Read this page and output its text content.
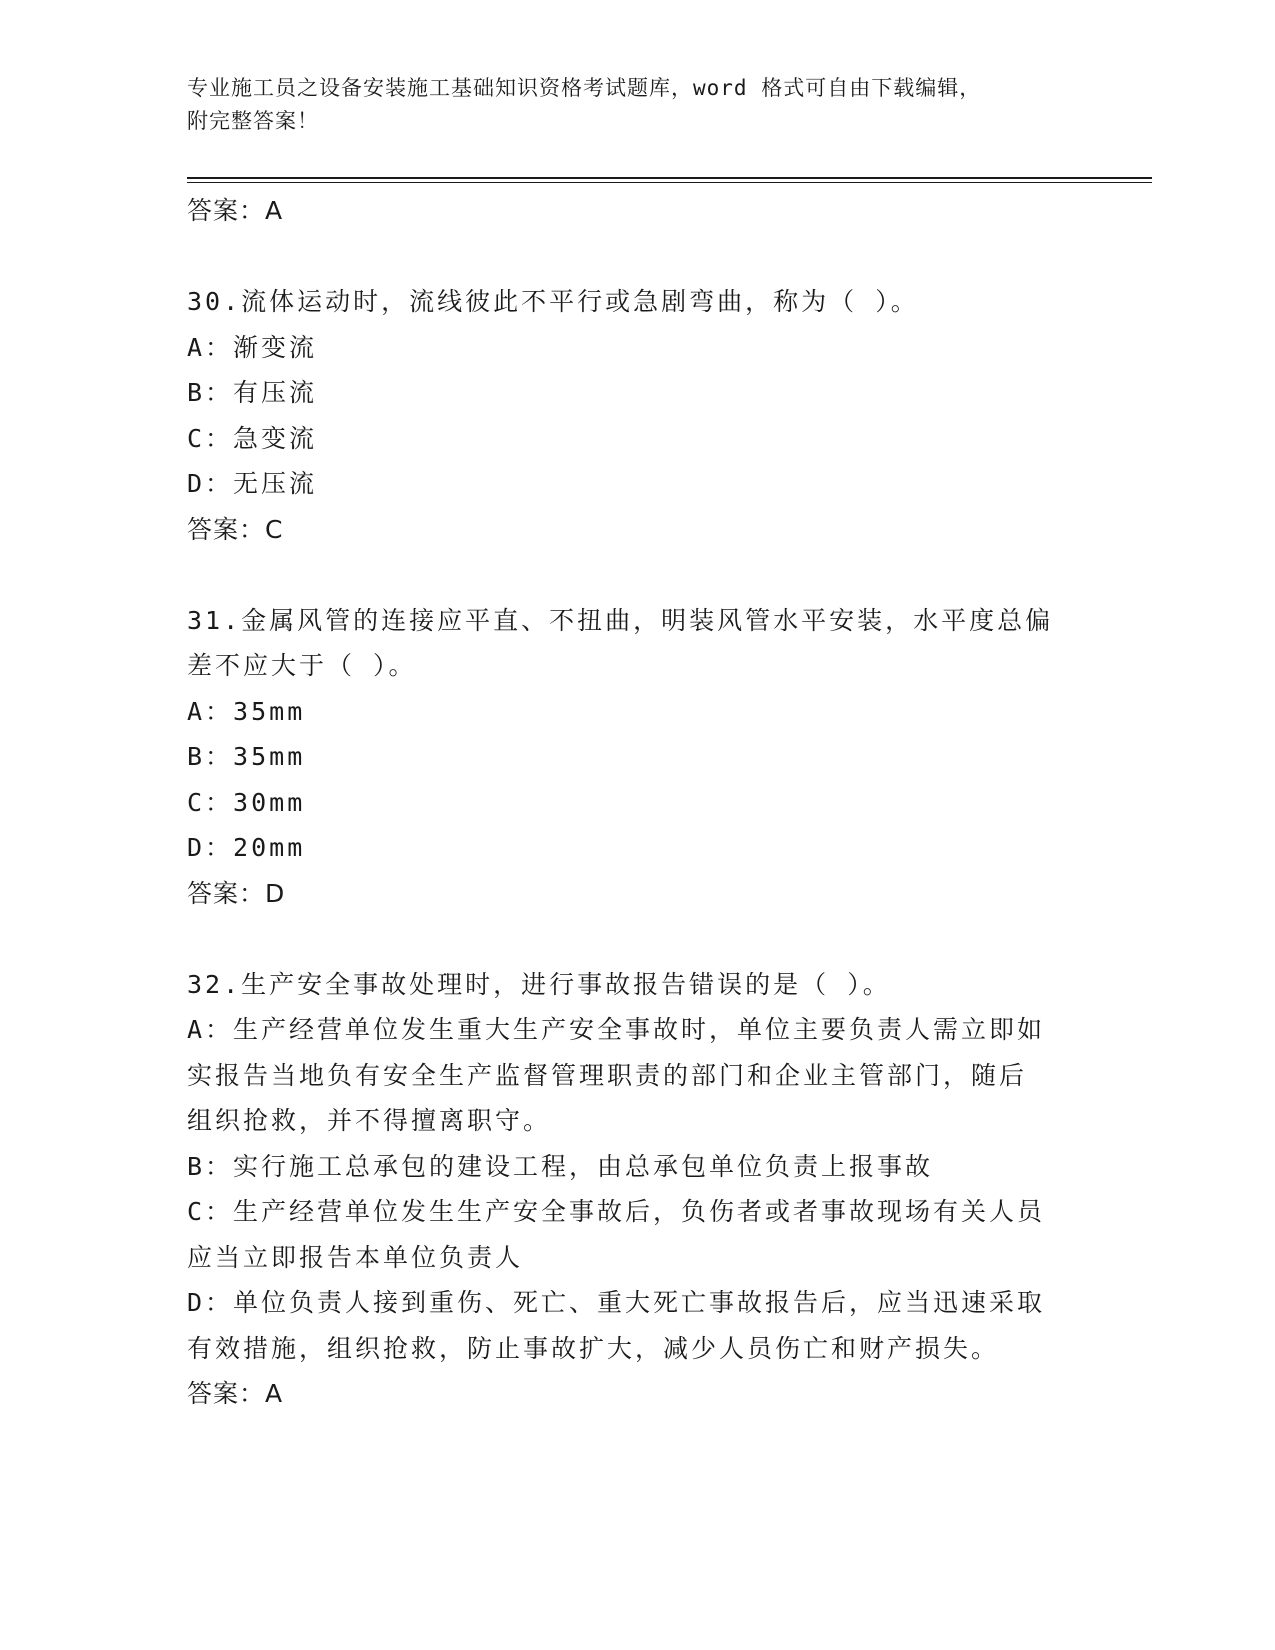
专业施工员之设备安装施工基础知识资格考试题库，word 格式可自由下载编辑，
附完整答案！
答案：A
30.流体运动时，流线彼此不平行或急剧弯曲，称为（ ）。
A：渐变流
B：有压流
C：急变流
D：无压流
答案：C
31.金属风管的连接应平直、不扭曲，明装风管水平安装，水平度总偏
差不应大于（ ）。
A：35mm
B：35mm
C：30mm
D：20mm
答案：D
32.生产安全事故处理时，进行事故报告错误的是（ ）。
A：生产经营单位发生重大生产安全事故时，单位主要负责人需立即如
实报告当地负有安全生产监督管理职责的部门和企业主管部门，随后
组织抢救，并不得擅离职守。
B：实行施工总承包的建设工程，由总承包单位负责上报事故
C：生产经营单位发生生产安全事故后，负伤者或者事故现场有关人员
应当立即报告本单位负责人
D：单位负责人接到重伤、死亡、重大死亡事故报告后，应当迅速采取
有效措施，组织抢救，防止事故扩大，减少人员伤亡和财产损失。
答案：A
